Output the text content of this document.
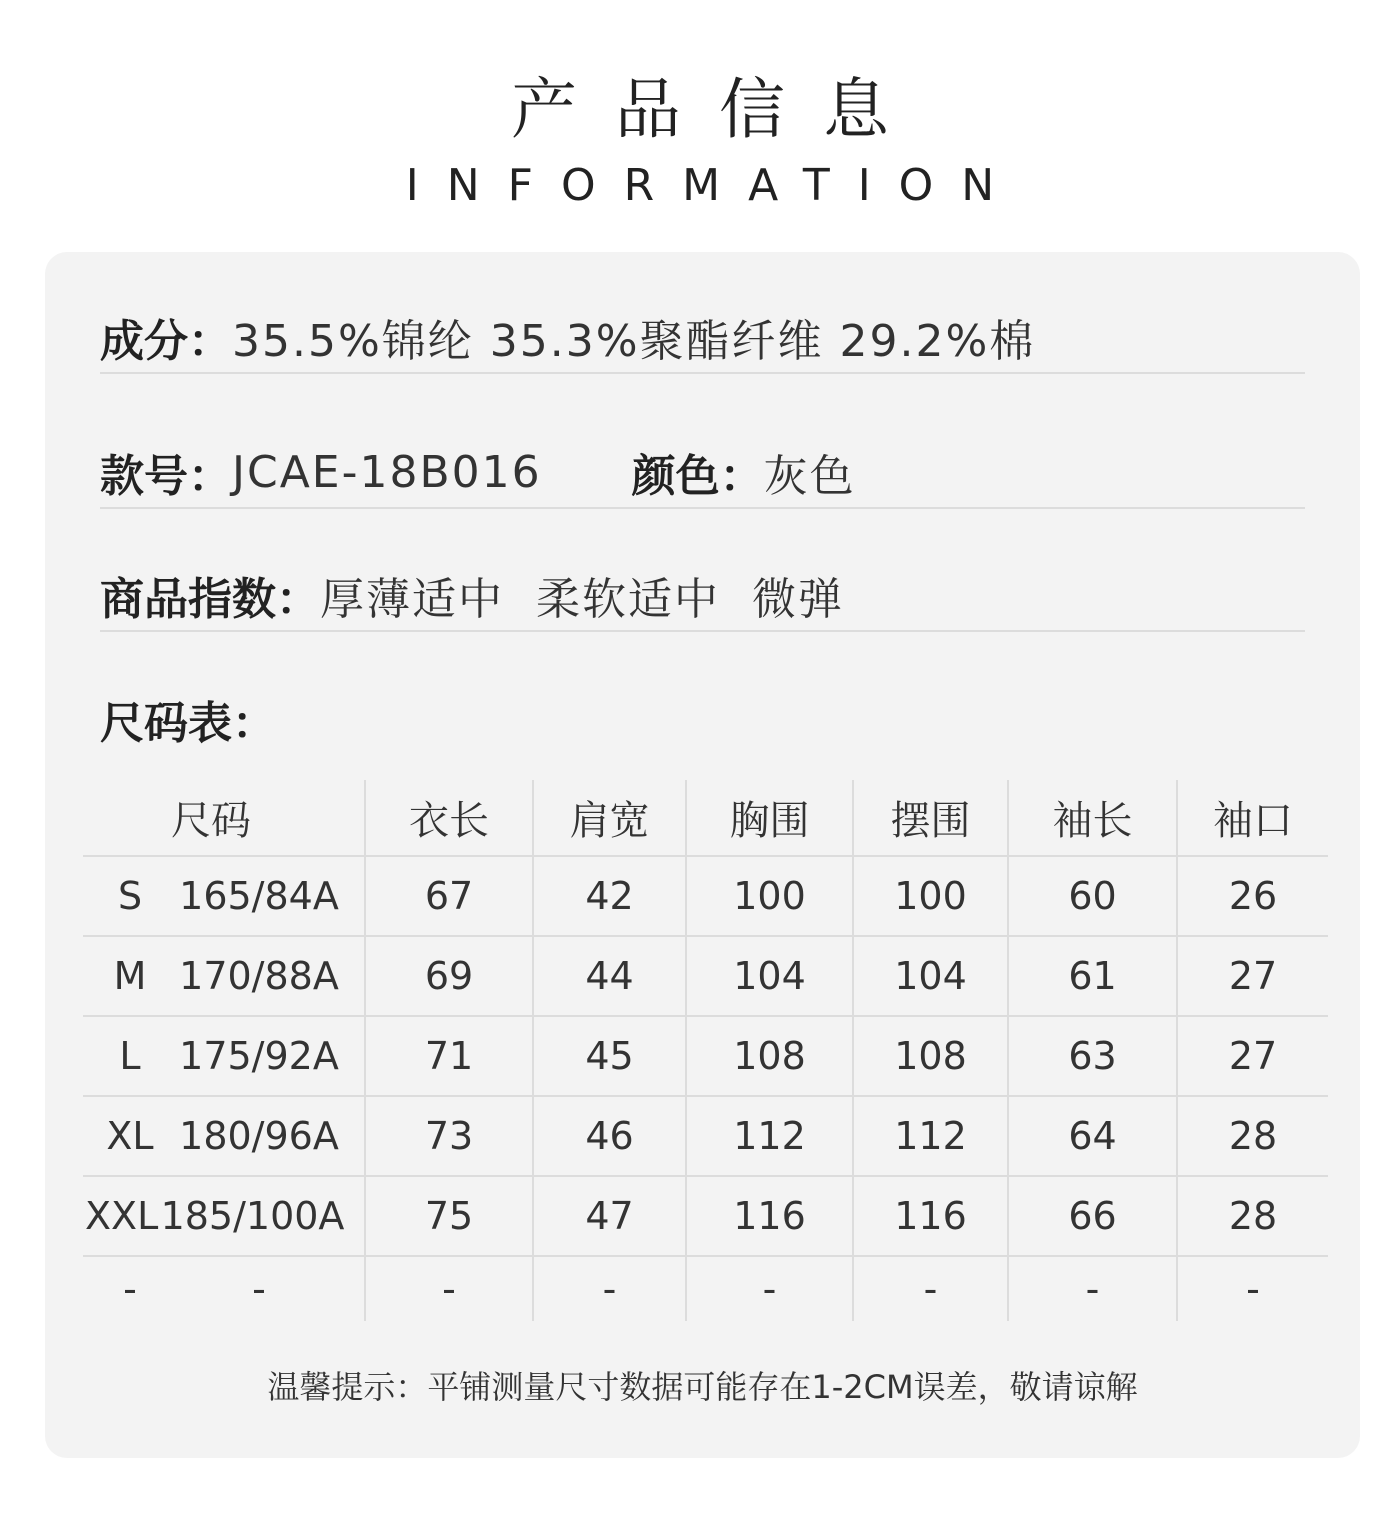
产品信息
INFORMATION
成分： 35.5%锦纶 35.3%聚酯纤维 29.2%棉
款号： JCAE-18B016 颜色： 灰色
商品指数： 厚薄适中  柔软适中  微弹
尺码表：
尺码	衣长	肩宽	胸围	摆围	袖长	袖口

S 165/84A	67	42	100	100	60	26

M 170/88A	69	44	104	104	61	27

L 175/92A	71	45	108	108	63	27

XL 180/96A	73	46	112	112	64	28

XXL 185/100A	75	47	116	116	66	28

- -	-	-	-	-	-	-
温馨提示：平铺测量尺寸数据可能存在1-2CM误差，敬请谅解
